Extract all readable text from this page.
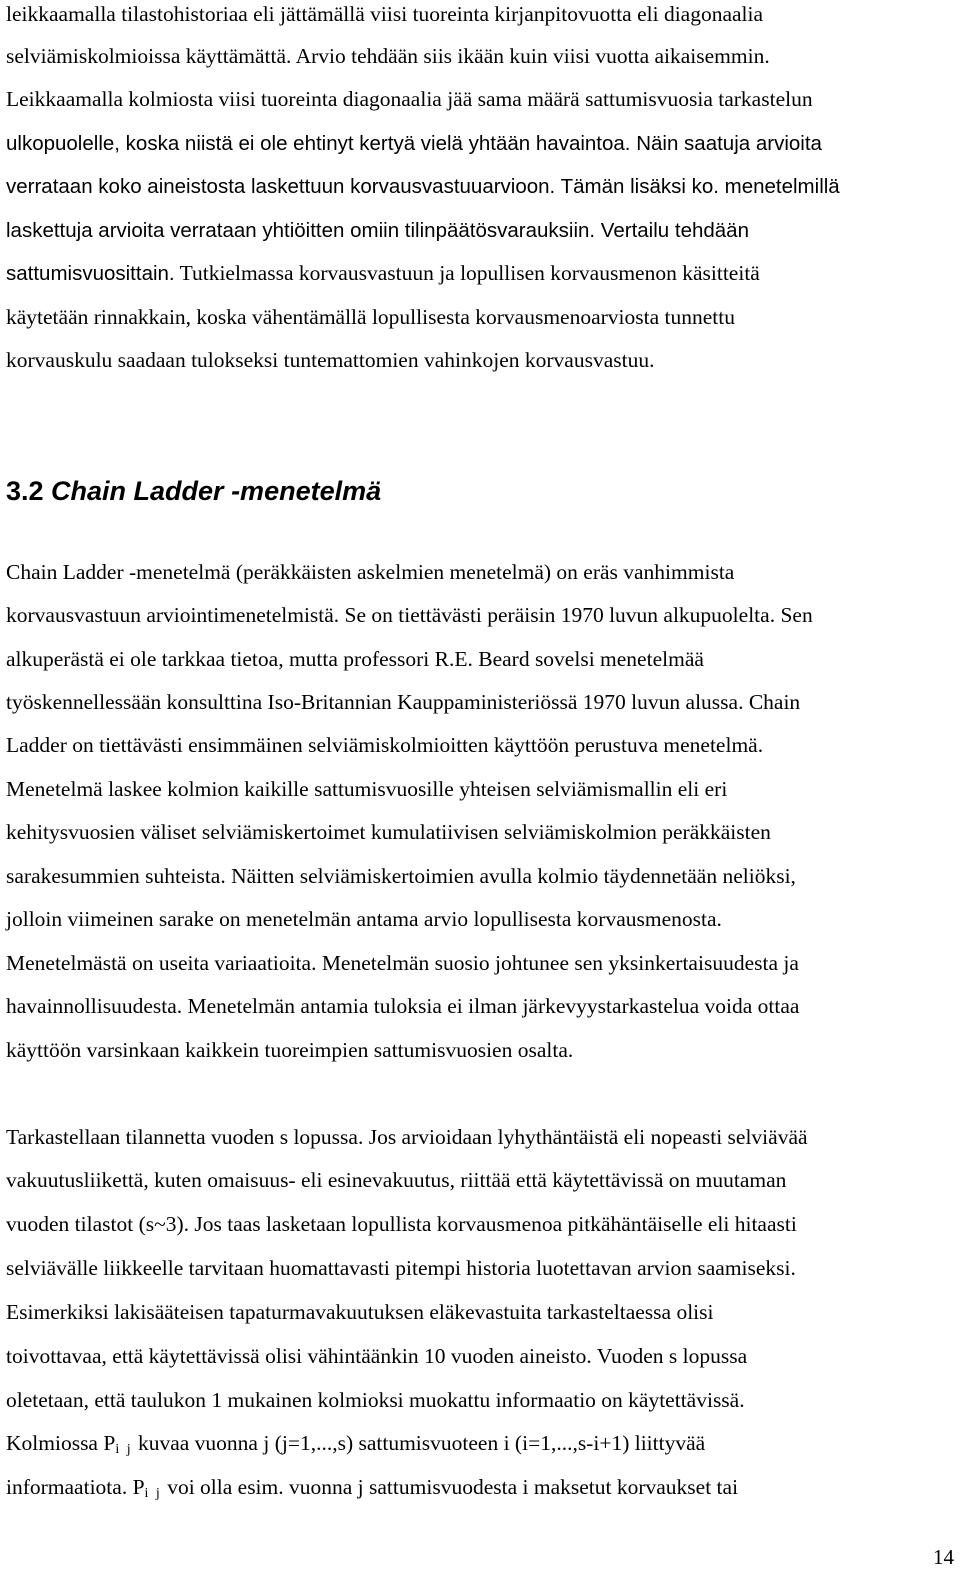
leikkaamalla tilastohistoriaa eli jättämällä viisi tuoreinta kirjanpitovuotta eli diagonaalia
selviämiskolmioissa käyttämättä. Arvio tehdään siis ikään kuin viisi vuotta aikaisemmin.
Leikkaamalla kolmiosta viisi tuoreinta diagonaalia jää sama määrä sattumisvuosia tarkastelun
ulkopuolelle, koska niistä ei ole ehtinyt kertyä vielä yhtään havaintoa. Näin saatuja arvioita
verrataan koko aineistosta laskettuun korvausvastuuarvioon. Tämän lisäksi ko. menetelmillä
laskettuja arvioita verrataan yhtiöitten omiin tilinpäätösvarauksiin. Vertailu tehdään
sattumisvuosittain. Tutkielmassa korvausvastuun ja lopullisen korvausmenon käsitteitä
käytetään rinnakkain, koska vähentämällä lopullisesta korvausmenoarviosta tunnettu
korvauskulu saadaan tulokseksi tuntemattomien vahinkojen korvausvastuu.
3.2 Chain Ladder -menetelmä
Chain Ladder -menetelmä (peräkkäisten askelmien menetelmä) on eräs vanhimmista
korvausvastuun arviointimenetelmistä. Se on tiettävästi peräisin 1970 luvun alkupuolelta. Sen
alkuperästä ei ole tarkkaa tietoa, mutta professori R.E. Beard sovelsi menetelmää
työskennellessään konsulttina Iso-Britannian Kauppaministeriössä 1970 luvun alussa. Chain
Ladder on tiettävästi ensimmäinen selviämiskolmioitten käyttöön perustuva menetelmä.
Menetelmä laskee kolmion kaikille sattumisvuosille yhteisen selviämismallin eli eri
kehitysvuosien väliset selviämiskertoimet kumulatiivisen selviämiskolmion peräkkäisten
sarakesummien suhteista. Näitten selviämiskertoimien avulla kolmio täydennetään neliöksi,
jolloin viimeinen sarake on menetelmän antama arvio lopullisesta korvausmenosta.
Menetelmästä on useita variaatioita. Menetelmän suosio johtunee sen yksinkertaisuudesta ja
havainnollisuudesta. Menetelmän antamia tuloksia ei ilman järkevyystarkastelua voida ottaa
käyttöön varsinkaan kaikkein tuoreimpien sattumisvuosien osalta.
Tarkastellaan tilannetta vuoden s lopussa. Jos arvioidaan lyhythäntäistä eli nopeasti selviävää
vakuutusliikettä, kuten omaisuus- eli esinevakuutus, riittää että käytettävissä on muutaman
vuoden tilastot (s~3). Jos taas lasketaan lopullista korvausmenoa pitkähäntäiselle eli hitaasti
selviävälle liikkeelle tarvitaan huomattavasti pitempi historia luotettavan arvion saamiseksi.
Esimerkiksi lakisääteisen tapaturmavakuutuksen eläkevastuita tarkasteltaessa olisi
toivottavaa, että käytettävissä olisi vähintäänkin 10 vuoden aineisto. Vuoden s lopussa
oletetaan, että taulukon 1 mukainen kolmioksi muokattu informaatio on käytettävissä.
Kolmiossa $P_{i j}$ kuvaa vuonna j (j=1,...,s) sattumisvuoteen i (i=1,...,s-i+1) liittyvää
informaatiota. $P_{i j}$ voi olla esim. vuonna j sattumisvuodesta i maksetut korvaukset tai
14
